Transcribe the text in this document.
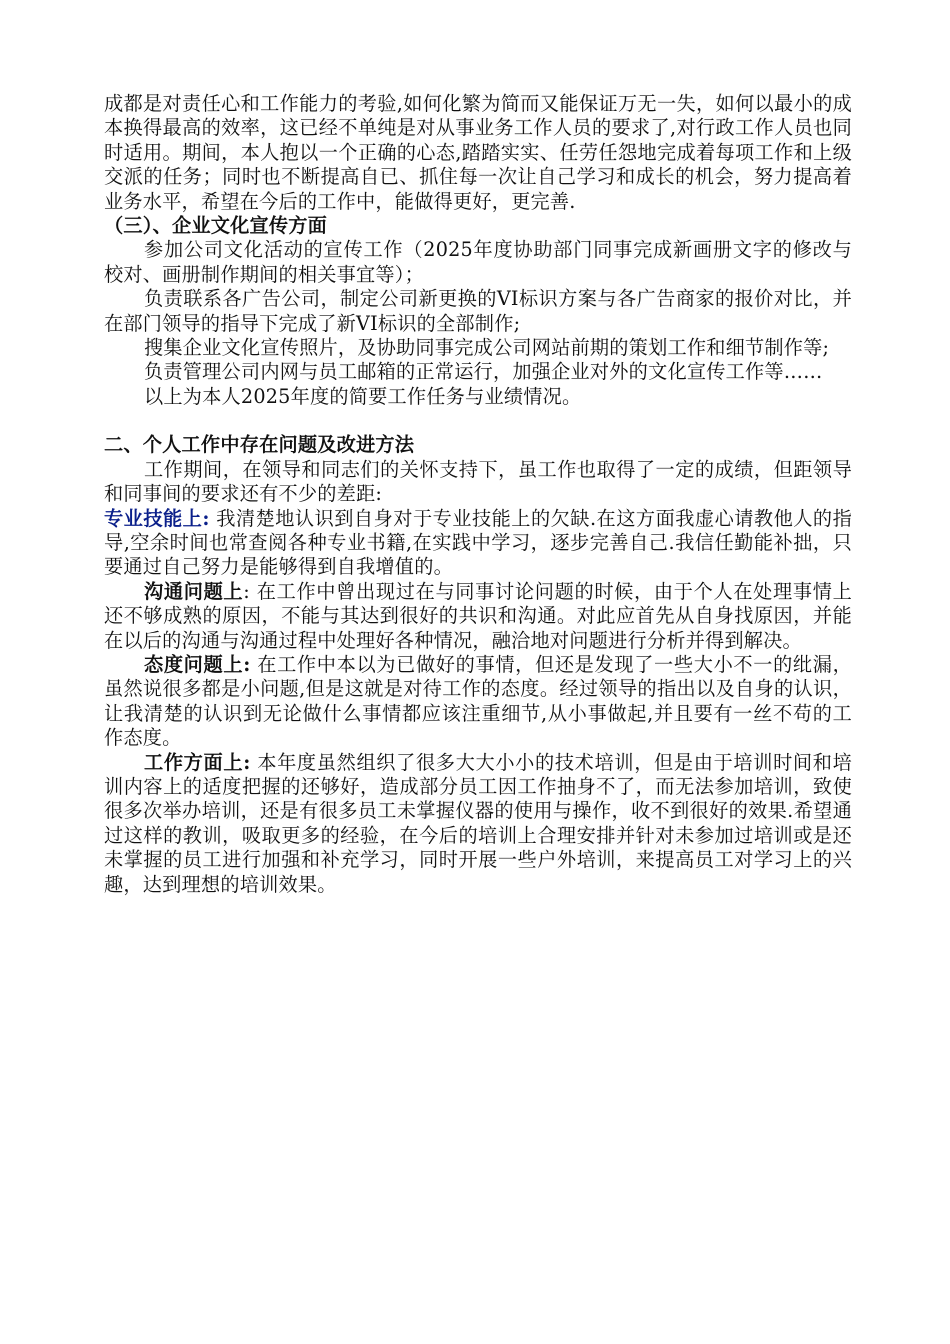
成都是对责任心和工作能力的考验,如何化繁为简而又能保证万无一失，如何以最小的成本换得最高的效率，这已经不单纯是对从事业务工作人员的要求了,对行政工作人员也同时适用。期间，本人抱以一个正确的心态,踏踏实实、任劳任怨地完成着每项工作和上级交派的任务；同时也不断提高自已、抓住每一次让自己学习和成长的机会，努力提高着业务水平，希望在今后的工作中，能做得更好，更完善.

（三）、企业文化宣传方面

参加公司文化活动的宣传工作（2025年度协助部门同事完成新画册文字的修改与校对、画册制作期间的相关事宜等）；

负责联系各广告公司，制定公司新更换的VI标识方案与各广告商家的报价对比，并在部门领导的指导下完成了新VI标识的全部制作;

搜集企业文化宣传照片，及协助同事完成公司网站前期的策划工作和细节制作等;

负责管理公司内网与员工邮箱的正常运行，加强企业对外的文化宣传工作等……

以上为本人2025年度的简要工作任务与业绩情况。

二、个人工作中存在问题及改进方法

工作期间，在领导和同志们的关怀支持下，虽工作也取得了一定的成绩，但距领导和同事间的要求还有不少的差距:

专业技能上: 我清楚地认识到自身对于专业技能上的欠缺.在这方面我虚心请教他人的指导,空余时间也常查阅各种专业书籍,在实践中学习，逐步完善自己.我信任勤能补拙，只要通过自己努力是能够得到自我增值的。

沟通问题上: 在工作中曾出现过在与同事讨论问题的时候，由于个人在处理事情上还不够成熟的原因，不能与其达到很好的共识和沟通。对此应首先从自身找原因，并能在以后的沟通与沟通过程中处理好各种情况，融洽地对问题进行分析并得到解决。

态度问题上: 在工作中本以为已做好的事情，但还是发现了一些大小不一的纰漏，虽然说很多都是小问题,但是这就是对待工作的态度。经过领导的指出以及自身的认识，让我清楚的认识到无论做什么事情都应该注重细节,从小事做起,并且要有一丝不苟的工作态度。

工作方面上: 本年度虽然组织了很多大大小小的技术培训，但是由于培训时间和培训内容上的适度把握的还够好，造成部分员工因工作抽身不了，而无法参加培训，致使很多次举办培训，还是有很多员工未掌握仪器的使用与操作，收不到很好的效果.希望通过这样的教训，吸取更多的经验，在今后的培训上合理安排并针对未参加过培训或是还未掌握的员工进行加强和补充学习，同时开展一些户外培训，来提高员工对学习上的兴趣，达到理想的培训效果。
